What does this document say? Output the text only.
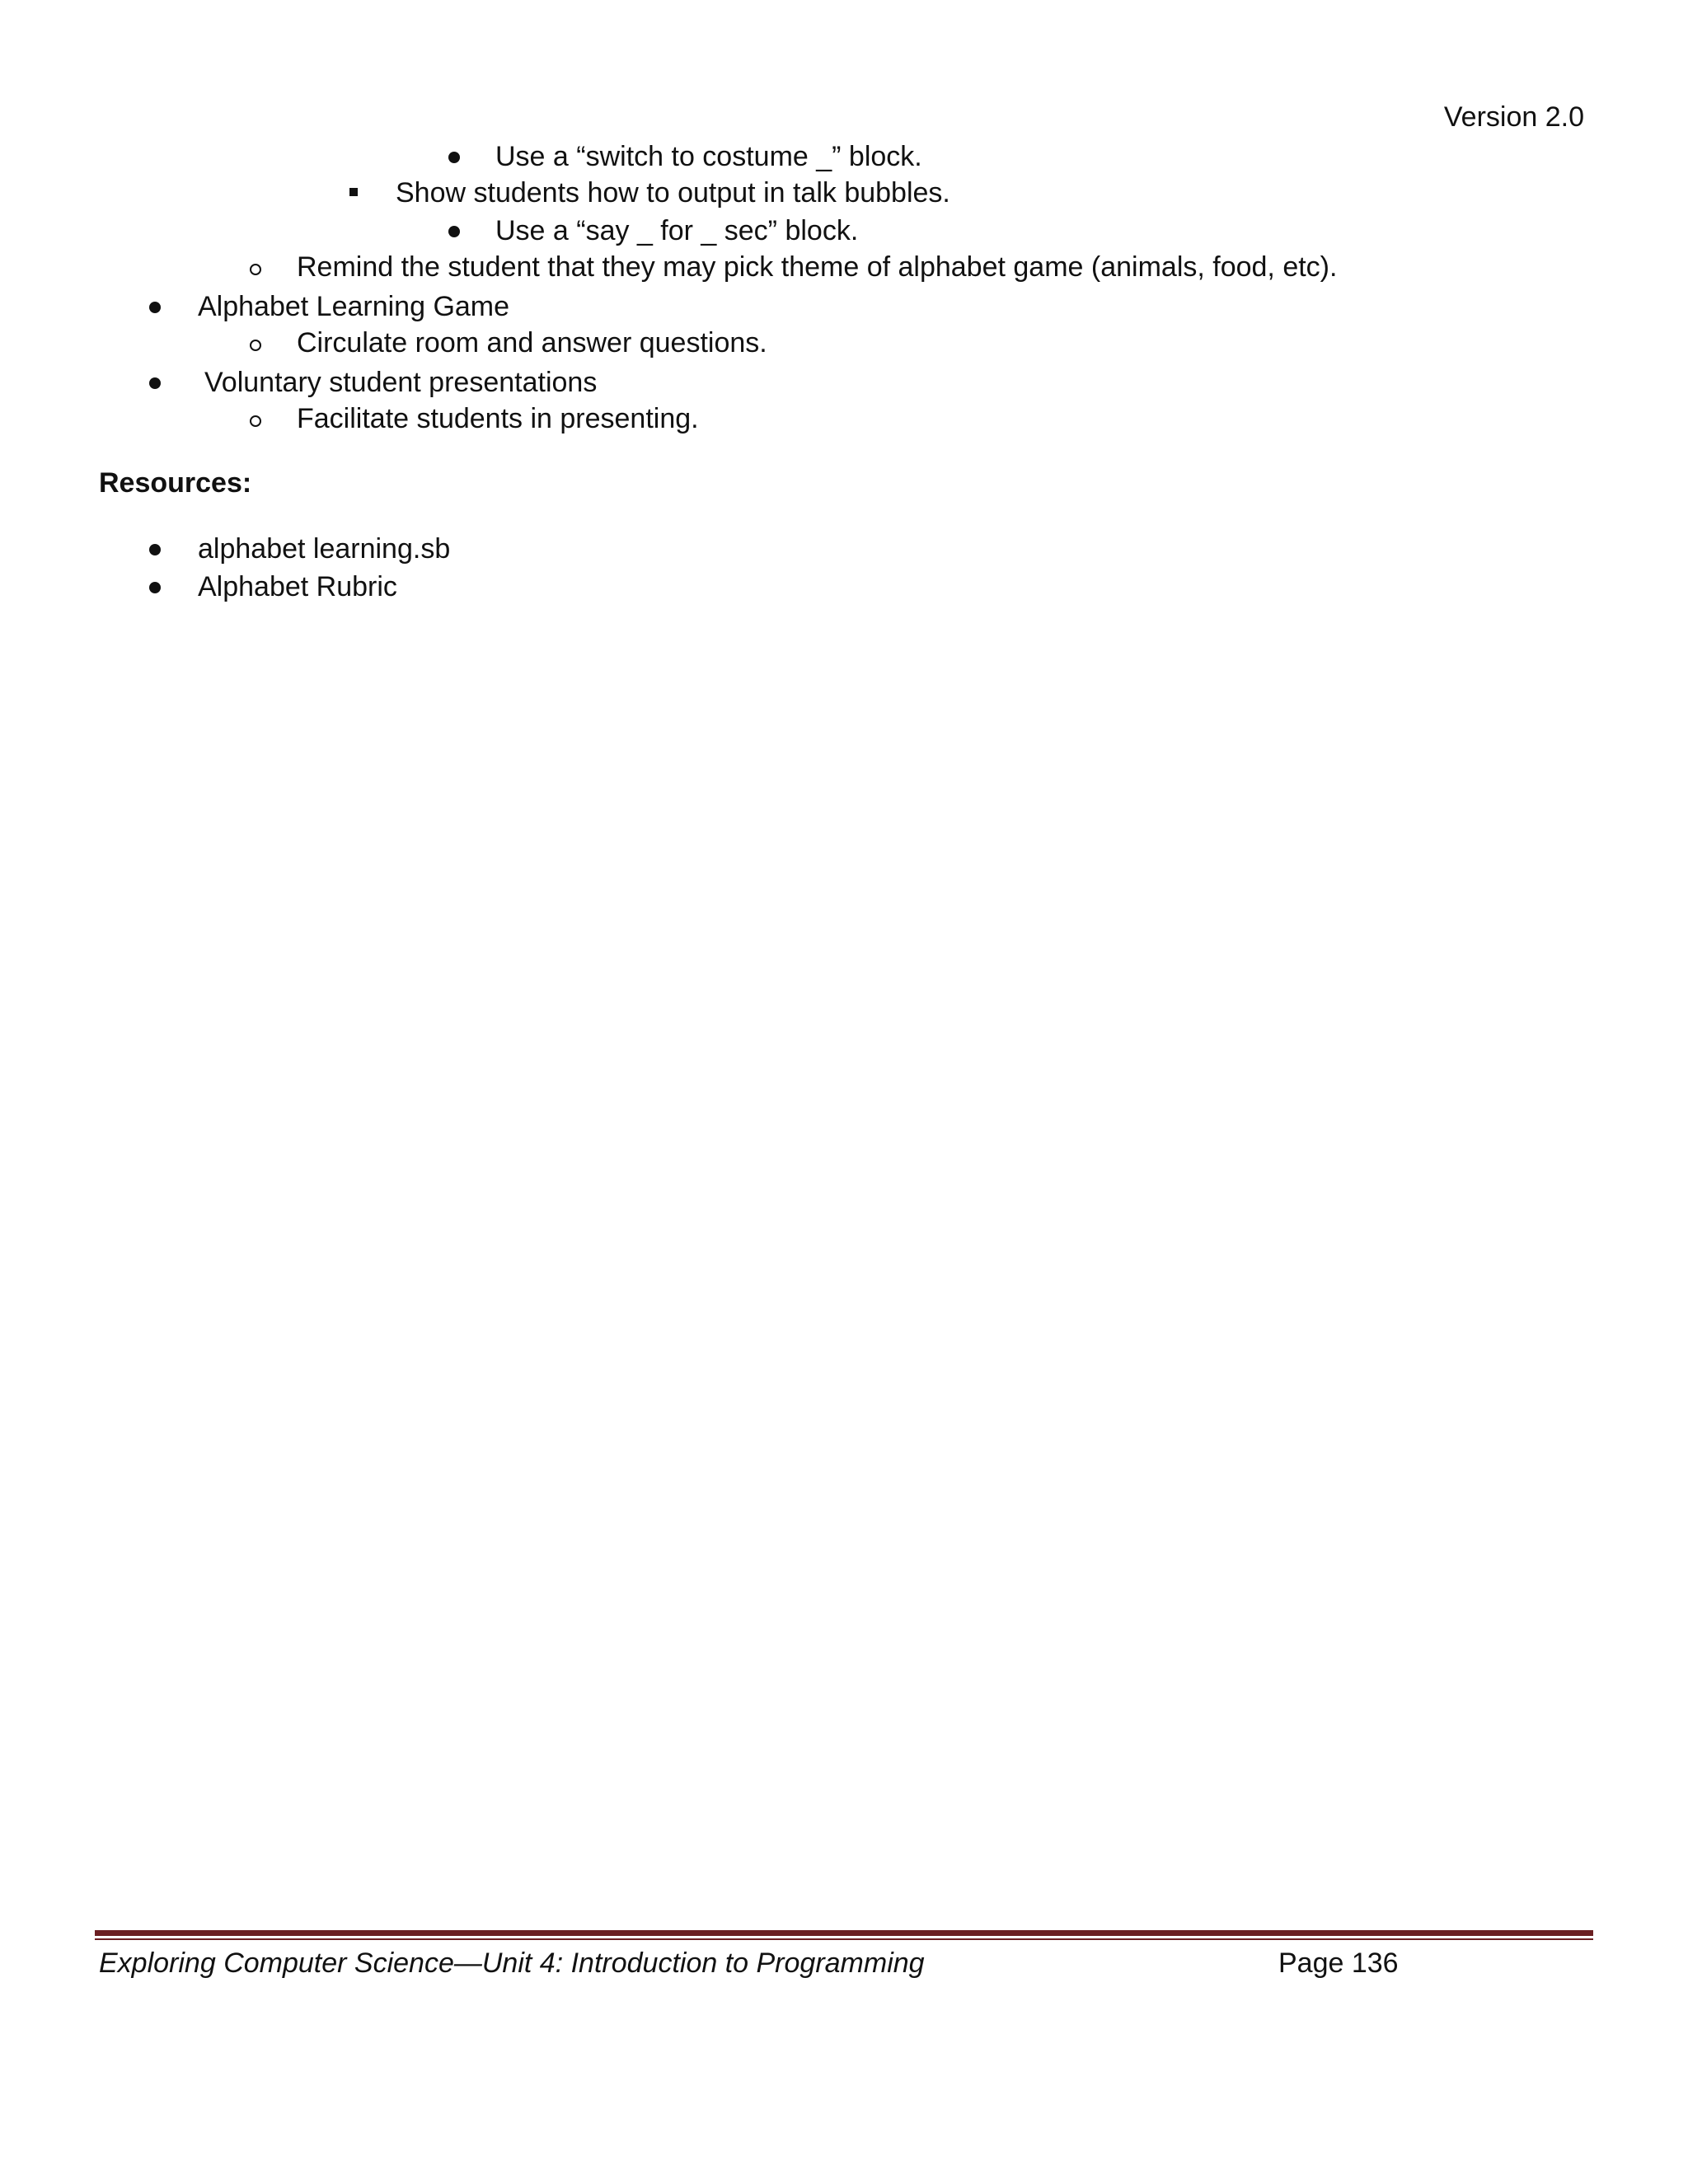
Version 2.0
Use a “switch to costume _” block.
Show students how to output in talk bubbles.
Use a “say _ for _ sec” block.
Remind the student that they may pick theme of alphabet game (animals, food, etc).
Alphabet Learning Game
Circulate room and answer questions.
Voluntary student presentations
Facilitate students in presenting.
Resources:
alphabet learning.sb
Alphabet Rubric
Exploring Computer Science—Unit 4: Introduction to Programming	Page 136
